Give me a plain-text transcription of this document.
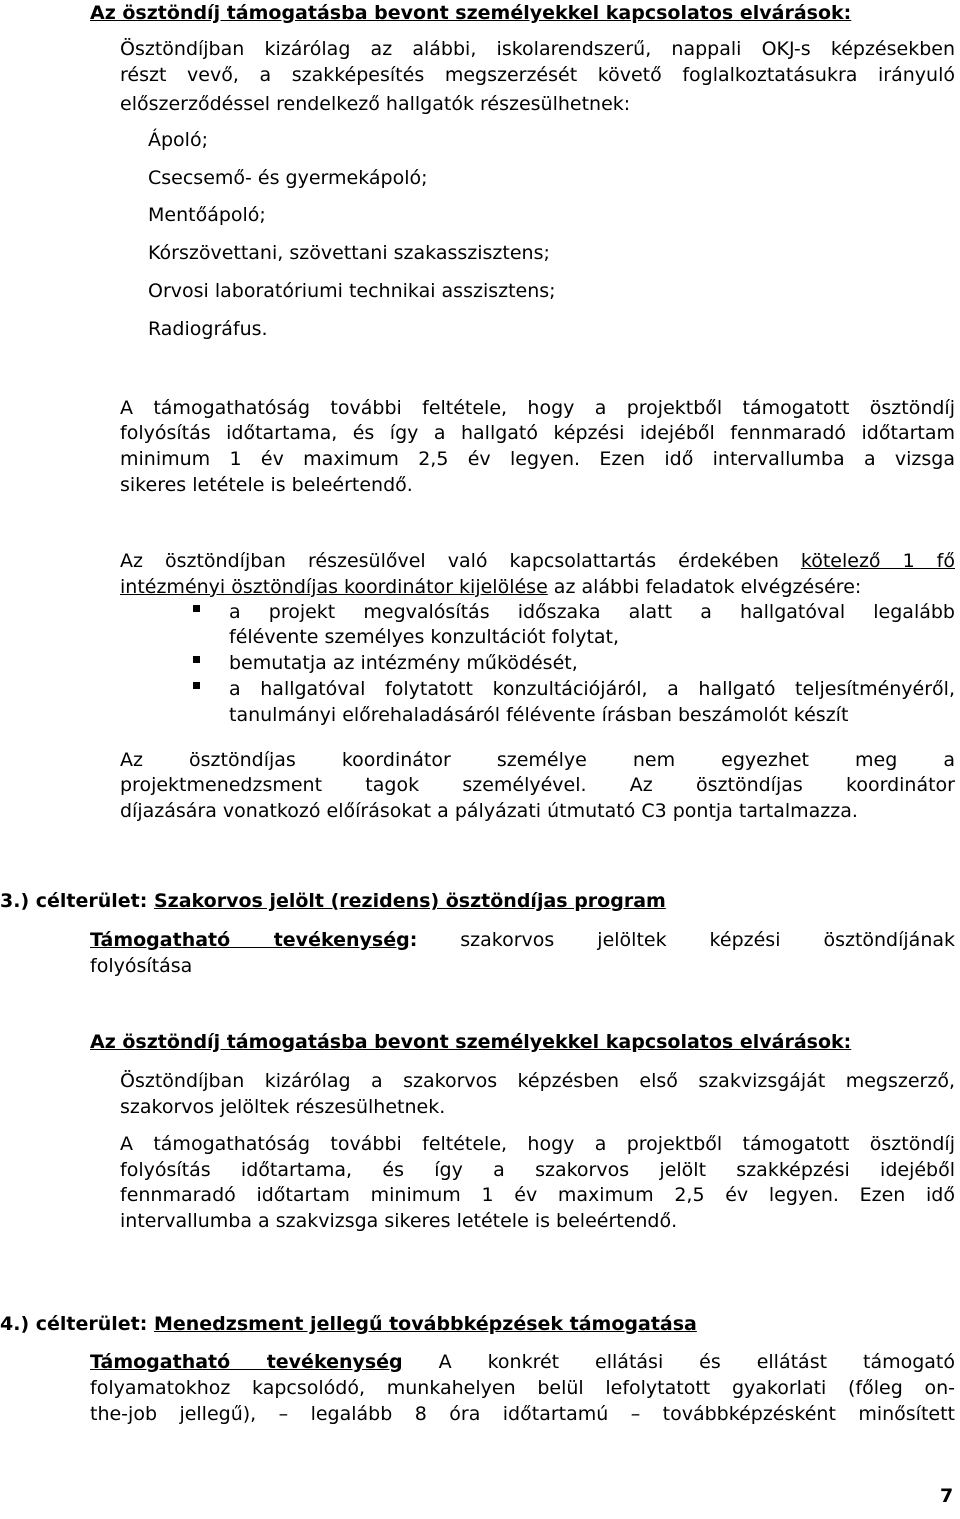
Az ösztöndíj támogatásba bevont személyekkel kapcsolatos elvárások:
Ösztöndíjban kizárólag az alábbi, iskolarendszerű, nappali OKJ-s képzésekben
részt vevő, a szakképesítés megszerzését követő foglalkoztatásukra irányuló
előszerződéssel rendelkező hallgatók részesülhetnek:
Ápoló;
Csecsemő- és gyermekápoló;
Mentőápoló;
Kórszövettani, szövettani szakasszisztens;
Orvosi laboratóriumi technikai asszisztens;
Radiográfus.
A támogathatóság további feltétele, hogy a projektből támogatott ösztöndíj
folyósítás időtartama, és így a hallgató képzési idejéből fennmaradó időtartam
minimum 1 év maximum 2,5 év legyen. Ezen idő intervallumba a vizsga
sikeres letétele is beleértendő.
Az ösztöndíjban részesülővel való kapcsolattartás érdekében kötelező 1 fő
intézményi ösztöndíjas koordinátor kijelölése az alábbi feladatok elvégzésére:
a projekt megvalósítás időszaka alatt a hallgatóval legalább
félévente személyes konzultációt folytat,
bemutatja az intézmény működését,
a hallgatóval folytatott konzultációjáról, a hallgató teljesítményéről,
tanulmányi előrehaladásáról félévente írásban beszámolót készít
Az ösztöndíjas koordinátor személye nem egyezhet meg a
projektmenedzsment tagok személyével. Az ösztöndíjas koordinátor
díjazására vonatkozó előírásokat a pályázati útmutató C3 pontja tartalmazza.
3.) célterület: Szakorvos jelölt (rezidens) ösztöndíjas program
Támogatható tevékenység: szakorvos jelöltek képzési ösztöndíjának
folyósítása
Az ösztöndíj támogatásba bevont személyekkel kapcsolatos elvárások:
Ösztöndíjban kizárólag a szakorvos képzésben első szakvizsgáját megszerző,
szakorvos jelöltek részesülhetnek.
A támogathatóság további feltétele, hogy a projektből támogatott ösztöndíj
folyósítás időtartama, és így a szakorvos jelölt szakképzési idejéből
fennmaradó időtartam minimum 1 év maximum 2,5 év legyen. Ezen idő
intervallumba a szakvizsga sikeres letétele is beleértendő.
4.) célterület: Menedzsment jellegű továbbképzések támogatása
Támogatható tevékenység A konkrét ellátási és ellátást támogató
folyamatokhoz kapcsolódó, munkahelyen belül lefolytatott gyakorlati (főleg on-
the-job jellegű), – legalább 8 óra időtartamú – továbbképzésként minősített
7
